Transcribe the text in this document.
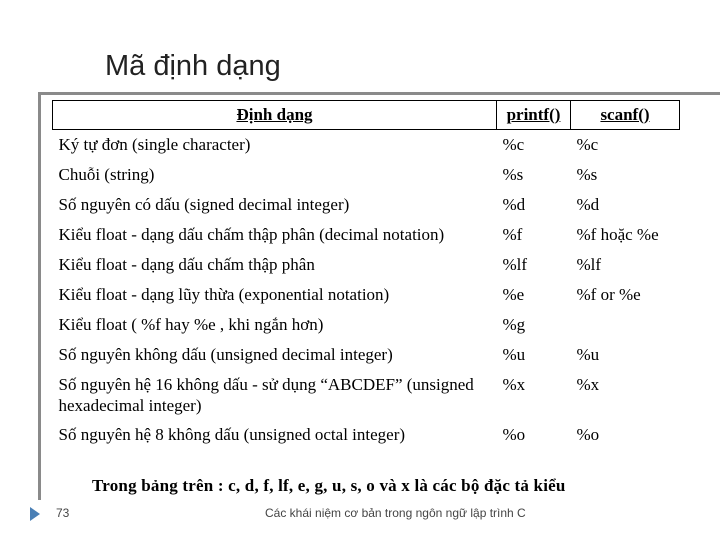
Mã định dạng
Định dạng	printf()	scanf()
Ký tự đơn (single character)	%c	%c
Chuỗi (string)	%s	%s
Số nguyên có dấu (signed decimal integer)	%d	%d
Kiểu float - dạng dấu chấm thập phân (decimal notation)	%f	%f hoặc %e
Kiểu float - dạng dấu chấm thập phân	%lf	%lf
Kiểu float - dạng lũy thừa (exponential notation)	%e	%f or %e
Kiểu float ( %f hay %e , khi ngắn hơn)	%g	
Số nguyên không dấu (unsigned decimal integer)	%u	%u
Số nguyên hệ 16 không dấu - sử dụng “ABCDEF” (unsigned hexadecimal integer)	%x	%x
Số nguyên hệ 8 không dấu (unsigned octal integer)	%o	%o
Trong bảng trên : c, d, f, lf, e, g, u, s, o và x là các bộ đặc tả kiểu
73	Các khái niệm cơ bản trong ngôn ngữ lập trình C
